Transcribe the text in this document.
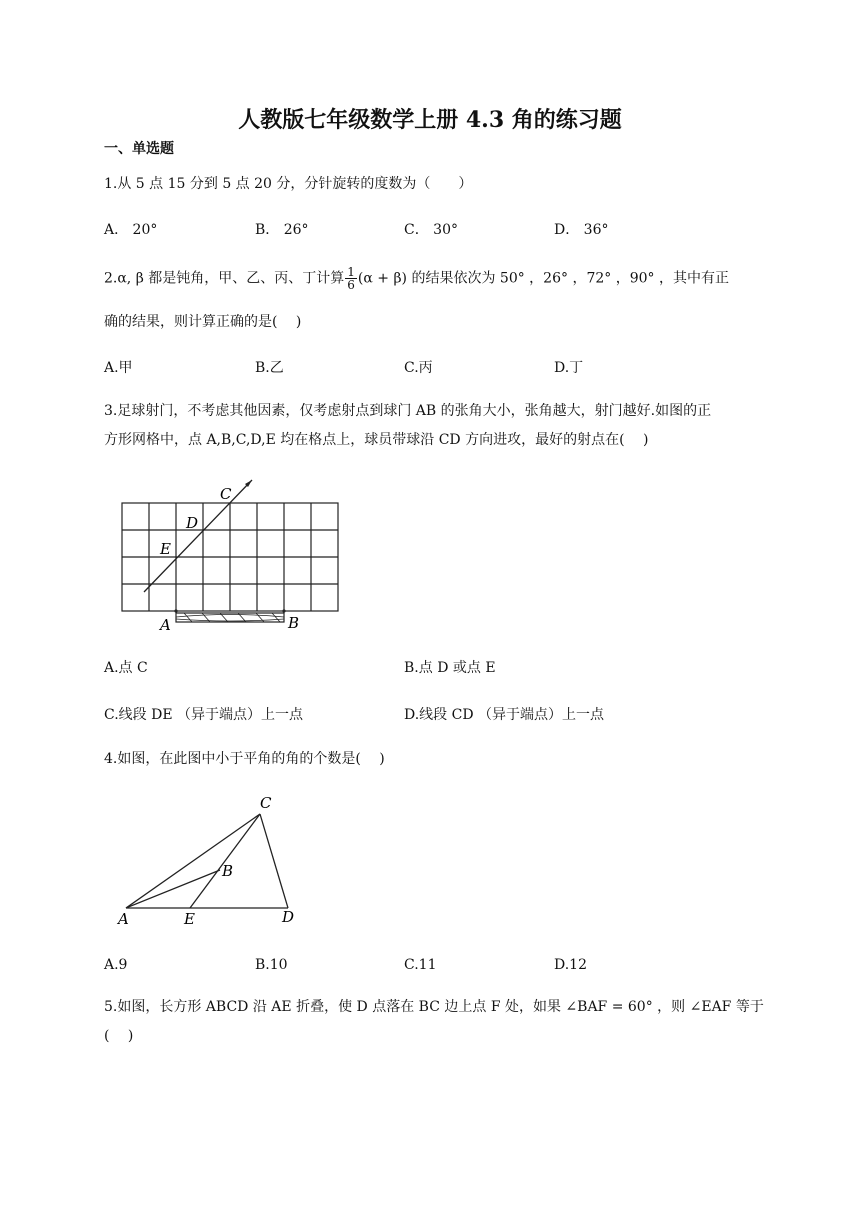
人教版七年级数学上册 4.3 角的练习题
一、单选题
1.从 5 点 15 分到 5 点 20 分，分针旋转的度数为（　　）
A． 20°	B． 26°	C． 30°	D． 36°
2.α, β 都是钝角，甲、乙、丙、丁计算 $\frac{1}{6} (\alpha + \beta)$ 的结果依次为 50° ，26° ，72° ，90° ，其中有正
确的结果，则计算正确的是(　 )
A.甲	B.乙	C.丙	D.丁
3.足球射门，不考虑其他因素，仅考虑射点到球门 AB 的张角大小，张角越大，射门越好.如图的正
方形网格中，点 A,B,C,D,E 均在格点上，球员带球沿 CD 方向进攻，最好的射点在(　 )
C
D
E
A	B
A.点 C	B.点 D 或点 E
C.线段 DE （异于端点）上一点	D.线段 CD （异于端点）上一点
4.如图，在此图中小于平角的角的个数是(　 )
C
B
A	E	D
A.9	B.10	C.11	D.12
5.如图，长方形 ABCD 沿 AE 折叠，使 D 点落在 BC 边上点 F 处，如果 ∠BAF = 60° ，则 ∠EAF 等于
(　 )
